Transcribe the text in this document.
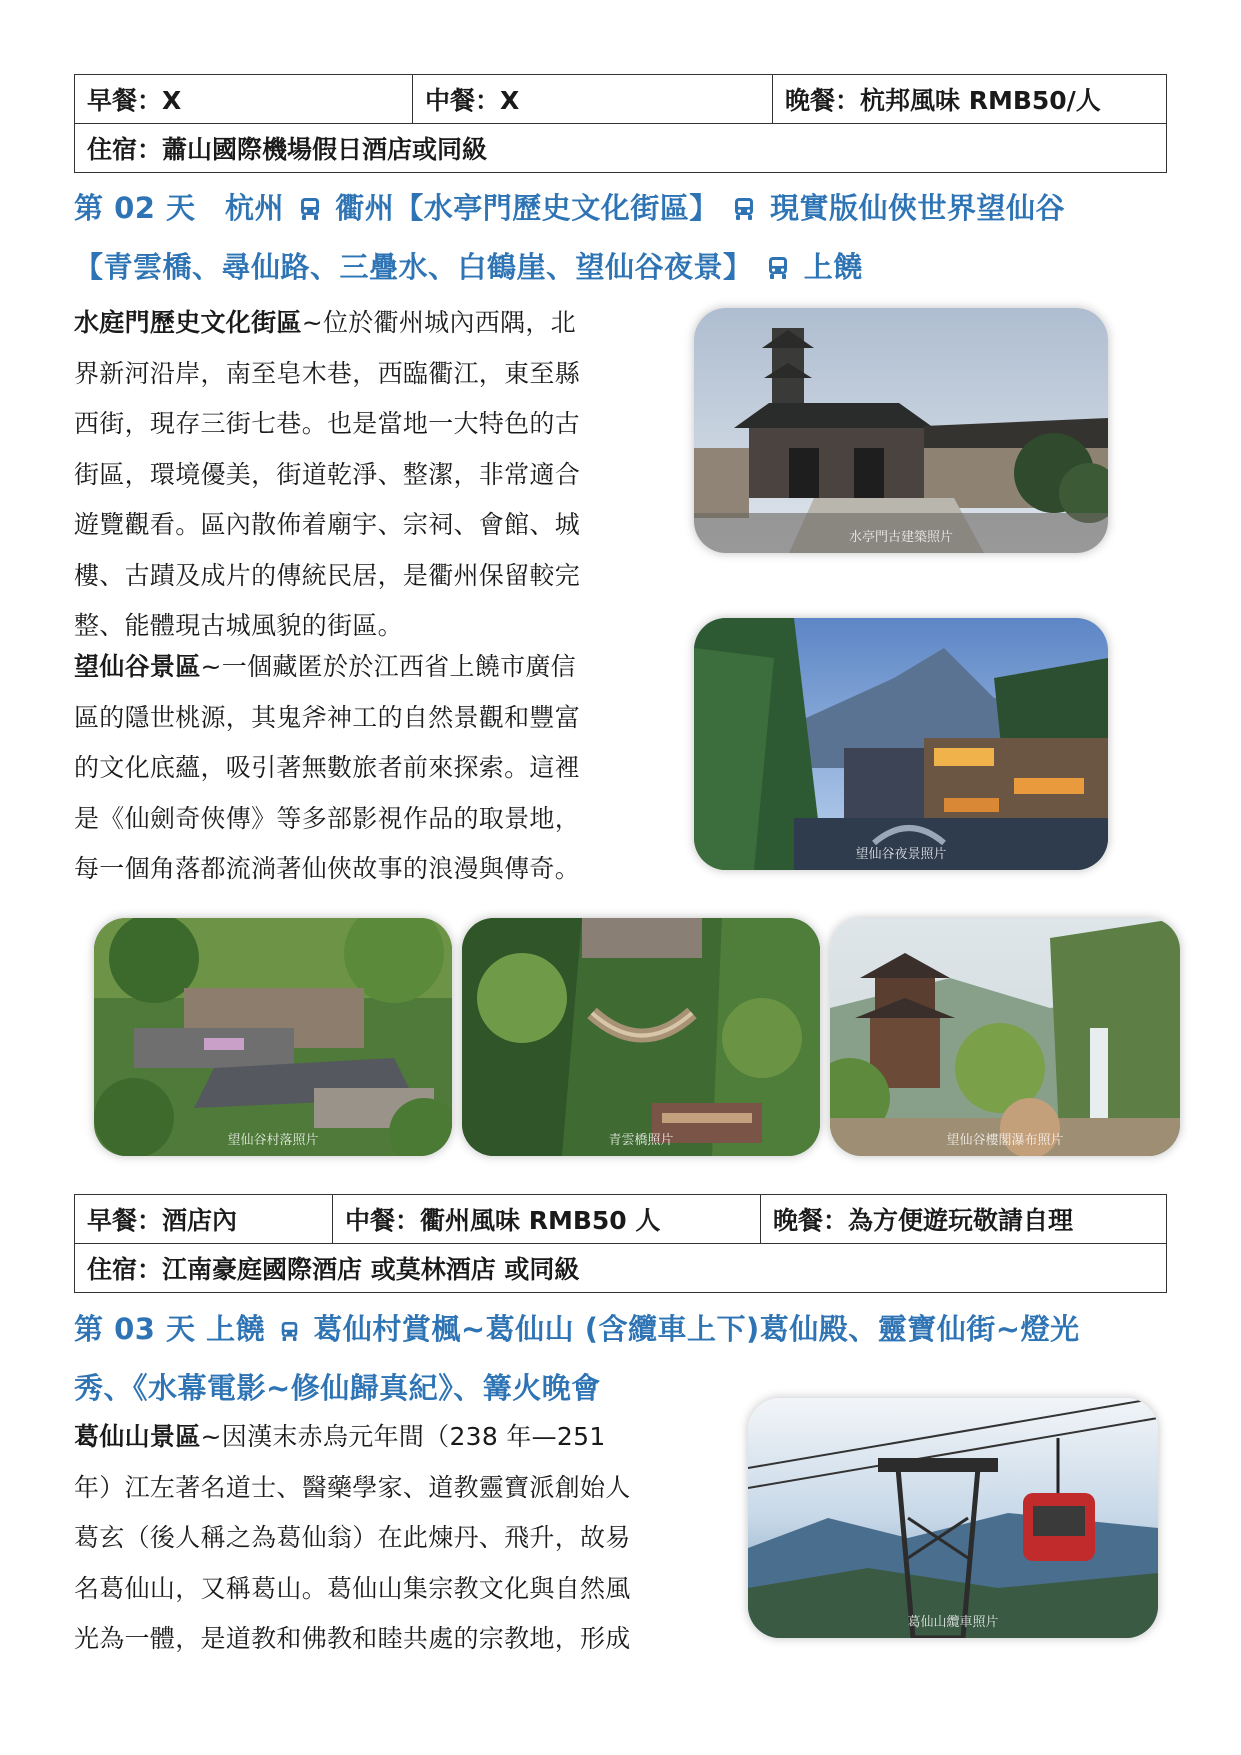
早餐：X	中餐：X	晚餐：杭邦風味 RMB50/人
住宿：蕭山國際機場假日酒店或同級
第 02 天　杭州 衢州【水亭門歷史文化街區】 現實版仙俠世界望仙谷
【青雲橋、尋仙路、三疊水、白鶴崖、望仙谷夜景】 上饒
水庭門歷史文化街區~位於衢州城內西隅，北
界新河沿岸，南至皂木巷，西臨衢江，東至縣
西街，現存三街七巷。也是當地一大特色的古
街區，環境優美，街道乾淨、整潔，非常適合
遊覽觀看。區內散佈着廟宇、宗祠、會館、城
樓、古蹟及成片的傳統民居，是衢州保留較完
整、能體現古城風貌的街區。
望仙谷景區~一個藏匿於於江西省上饒市廣信
區的隱世桃源，其鬼斧神工的自然景觀和豐富
的文化底蘊，吸引著無數旅者前來探索。這裡
是《仙劍奇俠傳》等多部影視作品的取景地，
每一個角落都流淌著仙俠故事的浪漫與傳奇。
水亭門古建築照片
望仙谷夜景照片
望仙谷村落照片	青雲橋照片	望仙谷樓閣瀑布照片
早餐：酒店內	中餐：衢州風味 RMB50 人	晚餐：為方便遊玩敬請自理
住宿：江南豪庭國際酒店 或莫林酒店 或同級
第 03 天 上饒 葛仙村賞楓~葛仙山 (含纜車上下)葛仙殿、靈寶仙街~燈光
秀、《水幕電影~修仙歸真紀》、篝火晚會
葛仙山景區~因漢末赤烏元年間（238 年—251
年）江左著名道士、醫藥學家、道教靈寶派創始人
葛玄（後人稱之為葛仙翁）在此煉丹、飛升，故易
名葛仙山，又稱葛山。葛仙山集宗教文化與自然風
光為一體，是道教和佛教和睦共處的宗教地，形成
葛仙山纜車照片
